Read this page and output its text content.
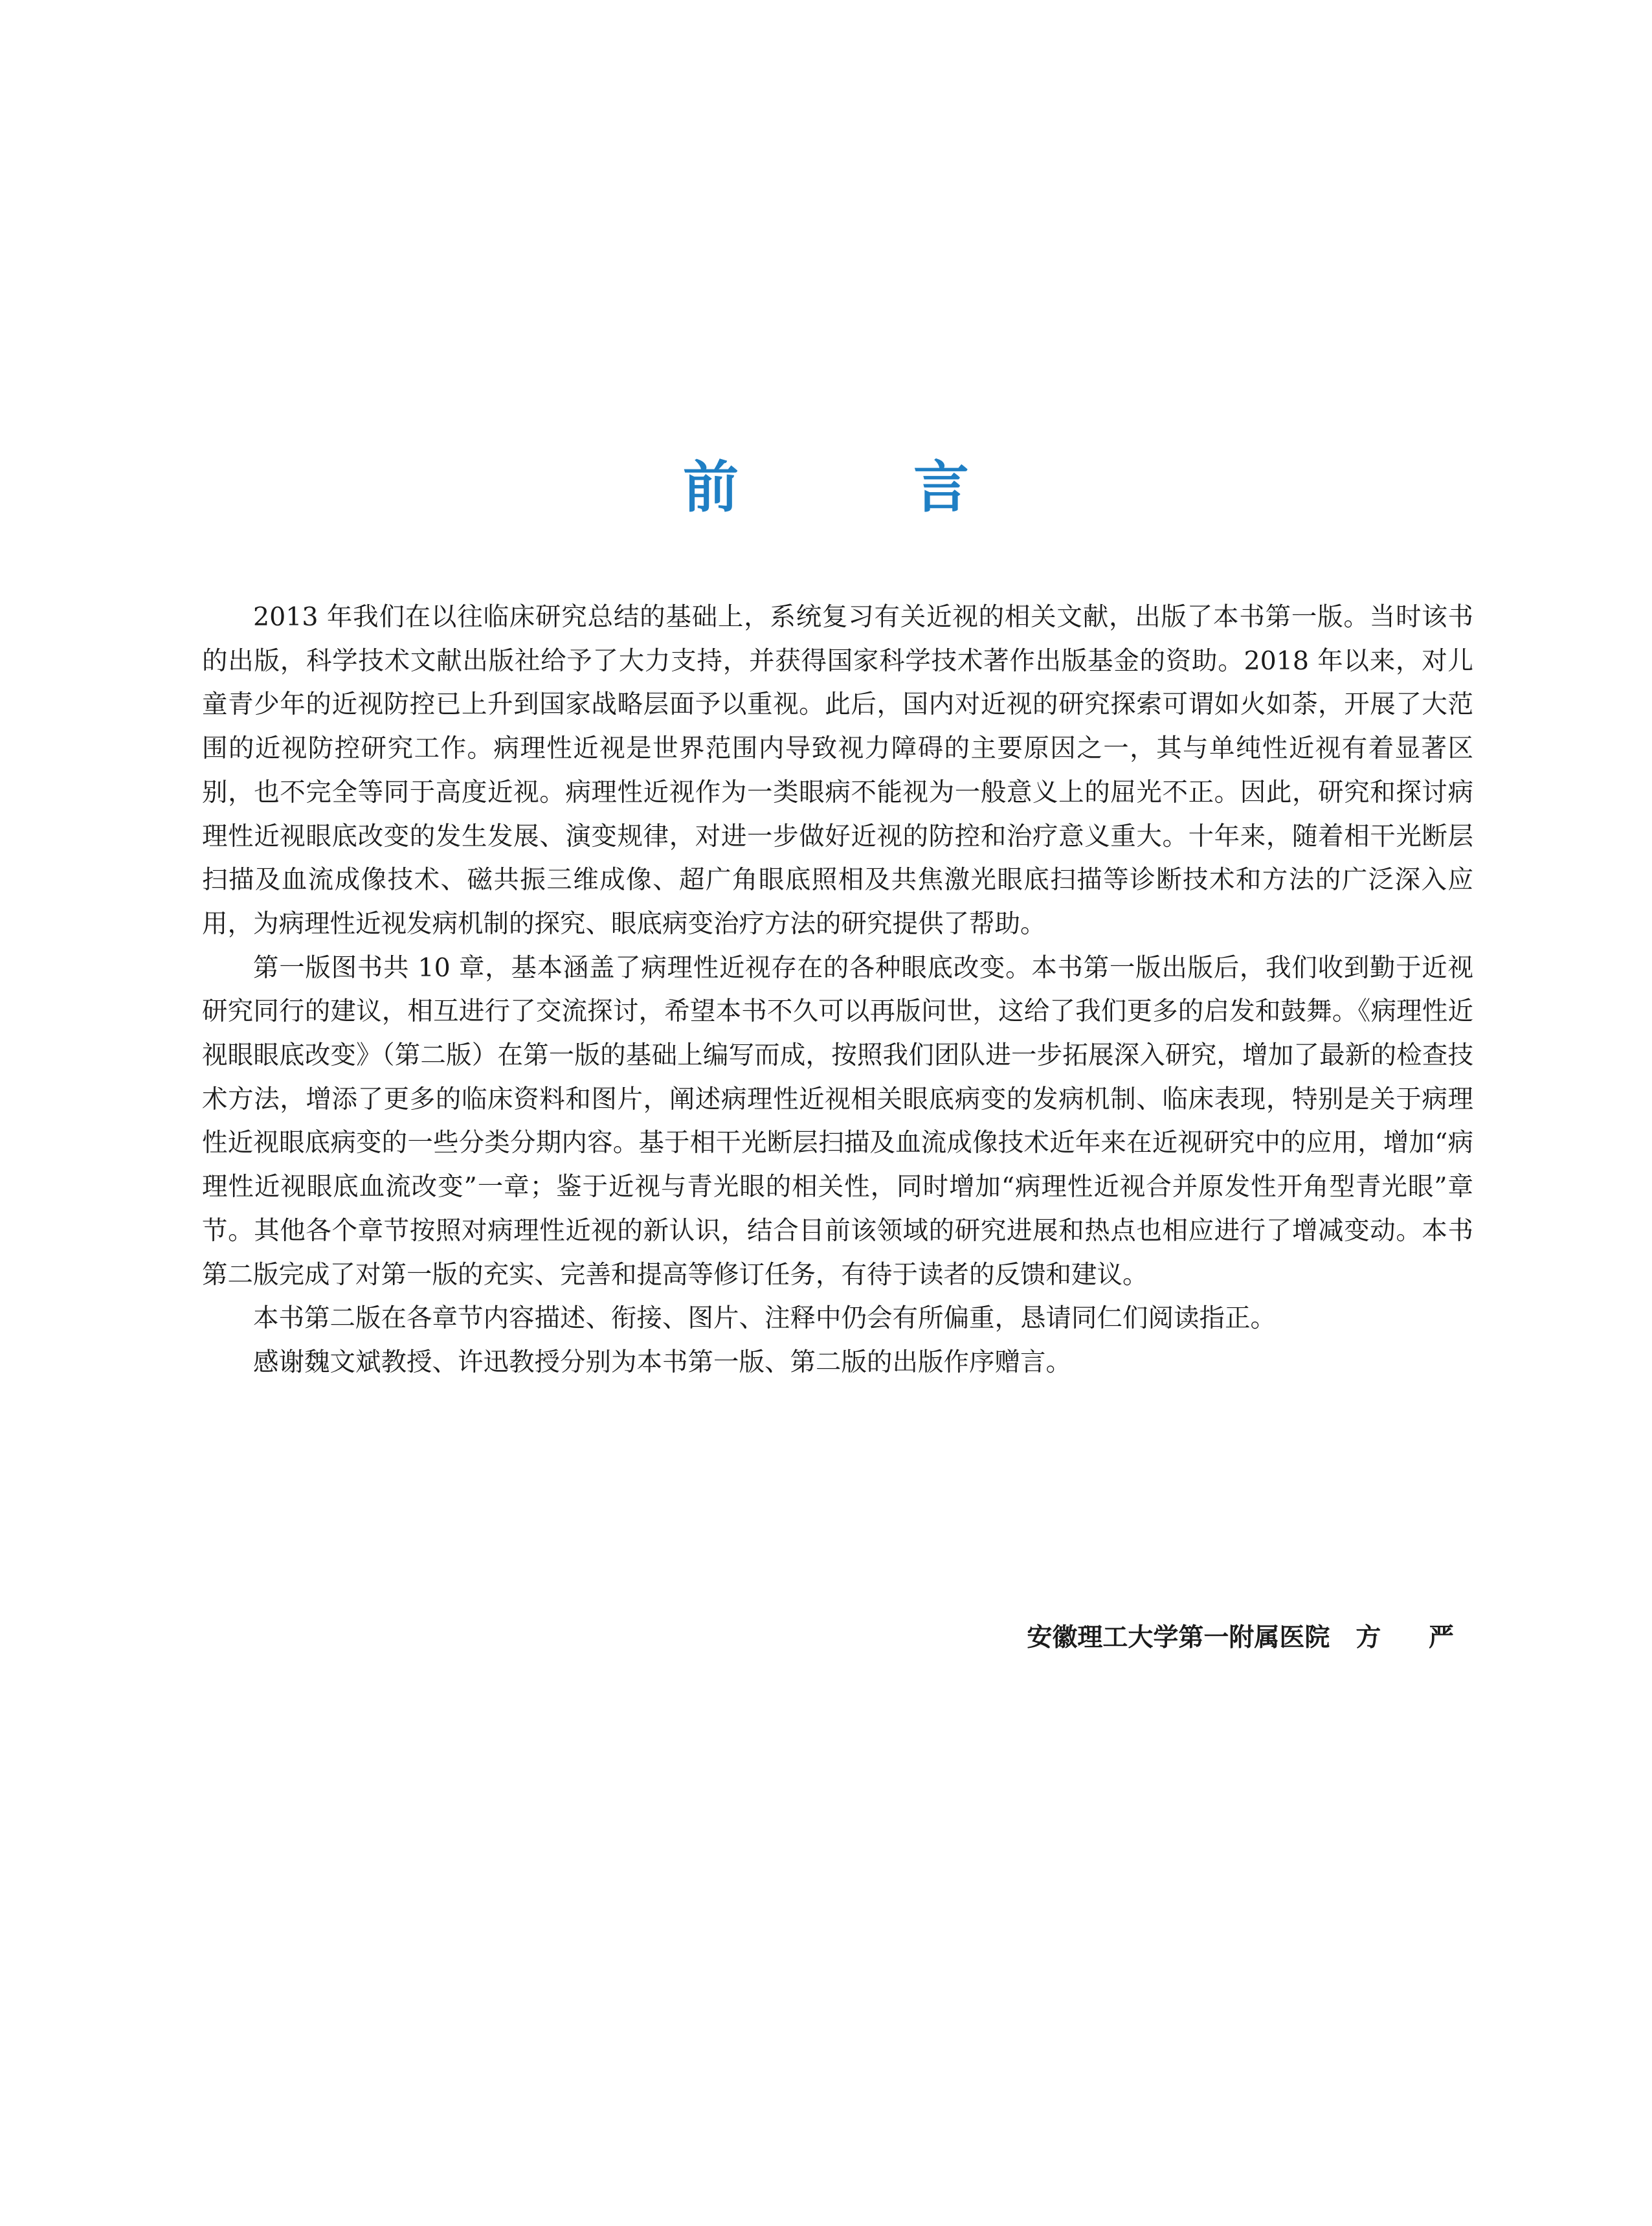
前 言

2013 年我们在以往临床研究总结的基础上，系统复习有关近视的相关文献，出版了本书第一版。当时该书的出版，科学技术文献出版社给予了大力支持，并获得国家科学技术著作出版基金的资助。2018 年以来，对儿童青少年的近视防控已上升到国家战略层面予以重视。此后，国内对近视的研究探索可谓如火如荼，开展了大范围的近视防控研究工作。病理性近视是世界范围内导致视力障碍的主要原因之一，其与单纯性近视有着显著区别，也不完全等同于高度近视。病理性近视作为一类眼病不能视为一般意义上的屈光不正。因此，研究和探讨病理性近视眼底改变的发生发展、演变规律，对进一步做好近视的防控和治疗意义重大。十年来，随着相干光断层扫描及血流成像技术、磁共振三维成像、超广角眼底照相及共焦激光眼底扫描等诊断技术和方法的广泛深入应用，为病理性近视发病机制的探究、眼底病变治疗方法的研究提供了帮助。

第一版图书共 10 章，基本涵盖了病理性近视存在的各种眼底改变。本书第一版出版后，我们收到勤于近视研究同行的建议，相互进行了交流探讨，希望本书不久可以再版问世，这给了我们更多的启发和鼓舞。《病理性近视眼眼底改变》（第二版）在第一版的基础上编写而成，按照我们团队进一步拓展深入研究，增加了最新的检查技术方法，增添了更多的临床资料和图片，阐述病理性近视相关眼底病变的发病机制、临床表现，特别是关于病理性近视眼底病变的一些分类分期内容。基于相干光断层扫描及血流成像技术近年来在近视研究中的应用，增加“病理性近视眼底血流改变”一章；鉴于近视与青光眼的相关性，同时增加“病理性近视合并原发性开角型青光眼”章节。其他各个章节按照对病理性近视的新认识，结合目前该领域的研究进展和热点也相应进行了增减变动。本书第二版完成了对第一版的充实、完善和提高等修订任务，有待于读者的反馈和建议。

本书第二版在各章节内容描述、衔接、图片、注释中仍会有所偏重，恳请同仁们阅读指正。

感谢魏文斌教授、许迅教授分别为本书第一版、第二版的出版作序赠言。

安徽理工大学第一附属医院 方 严
